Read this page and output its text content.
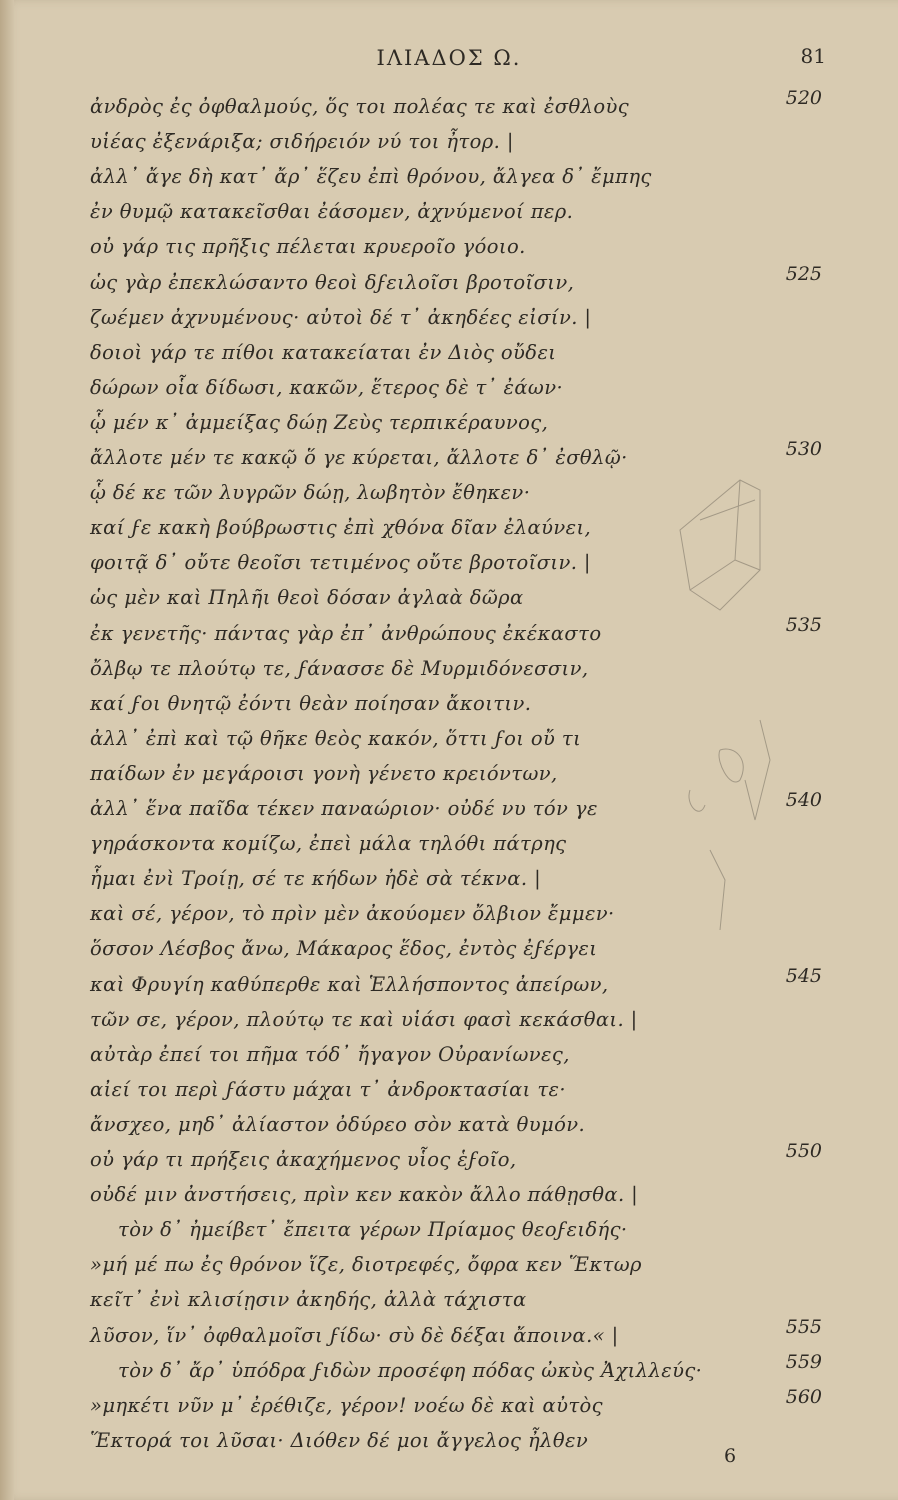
ΙΛΙΑΔΟΣ Ω.	81
ἀνδρὸς ἐς ὀφθαλμούς, ὅς τοι πολέας τε καὶ ἐσθλοὺς
υἱέας ἐξενάριξα; σιδήρειόν νύ τοι ἦτορ. |
ἀλλ᾽ ἄγε δὴ κατ᾽ ἄρ᾽ ἕζευ ἐπὶ θρόνου, ἄλγεα δ᾽ ἔμπης
ἐν θυμῷ κατακεῖσθαι ἐάσομεν, ἀχνύμενοί περ.
οὐ γάρ τις πρῆξις πέλεται κρυεροῖο γόοιο.
ὡς γὰρ ἐπεκλώσαντο θεοὶ δϝειλοῖσι βροτοῖσιν,
ζωέμεν ἀχνυμένους· αὐτοὶ δέ τ᾽ ἀκηδέες εἰσίν. |
δοιοὶ γάρ τε πίθοι κατακείαται ἐν Διὸς οὔδει
δώρων οἷα δίδωσι, κακῶν, ἕτερος δὲ τ᾽ ἐάων·
ᾧ μέν κ᾽ ἀμμείξας δώῃ Ζεὺς τερπικέραυνος,
ἄλλοτε μέν τε κακῷ ὅ γε κύρεται, ἄλλοτε δ᾽ ἐσθλῷ·
ᾧ δέ κε τῶν λυγρῶν δώῃ, λωβητὸν ἔθηκεν·
καί ϝε κακὴ βούβρωστις ἐπὶ χθόνα δῖαν ἐλαύνει,
φοιτᾷ δ᾽ οὔτε θεοῖσι τετιμένος οὔτε βροτοῖσιν. |
ὡς μὲν καὶ Πηλῆι θεοὶ δόσαν ἀγλαὰ δῶρα
ἐκ γενετῆς· πάντας γὰρ ἐπ᾽ ἀνθρώπους ἐκέκαστο
ὄλβῳ τε πλούτῳ τε, ϝάνασσε δὲ Μυρμιδόνεσσιν,
καί ϝοι θνητῷ ἐόντι θεὰν ποίησαν ἄκοιτιν.
ἀλλ᾽ ἐπὶ καὶ τῷ θῆκε θεὸς κακόν, ὅττι ϝοι οὔ τι
παίδων ἐν μεγάροισι γονὴ γένετο κρειόντων,
ἀλλ᾽ ἕνα παῖδα τέκεν παναώριον· οὐδέ νυ τόν γε
γηράσκοντα κομίζω, ἐπεὶ μάλα τηλόθι πάτρης
ἧμαι ἐνὶ Τροίῃ, σέ τε κήδων ἠδὲ σὰ τέκνα. |
καὶ σέ, γέρον, τὸ πρὶν μὲν ἀκούομεν ὄλβιον ἔμμεν·
ὅσσον Λέσβος ἄνω, Μάκαρος ἕδος, ἐντὸς ἐϝέργει
καὶ Φρυγίη καθύπερθε καὶ Ἑλλήσποντος ἀπείρων,
τῶν σε, γέρον, πλούτῳ τε καὶ υἱάσι φασὶ κεκάσθαι. |
αὐτὰρ ἐπεί τοι πῆμα τόδ᾽ ἤγαγον Οὐρανίωνες,
αἰεί τοι περὶ ϝάστυ μάχαι τ᾽ ἀνδροκτασίαι τε·
ἄνσχεο, μηδ᾽ ἀλίαστον ὀδύρεο σὸν κατὰ θυμόν.
οὐ γάρ τι πρήξεις ἀκαχήμενος υἷος ἑϝοῖο,
οὐδέ μιν ἀνστήσεις, πρὶν κεν κακὸν ἄλλο πάθῃσθα. |
τὸν δ᾽ ἠμείβετ᾽ ἔπειτα γέρων Πρίαμος θεοϝειδής·
»μή μέ πω ἐς θρόνον ἵζε, διοτρεφές, ὄφρα κεν Ἕκτωρ
κεῖτ᾽ ἐνὶ κλισίῃσιν ἀκηδής, ἀλλὰ τάχιστα
λῦσον, ἵν᾽ ὀφθαλμοῖσι ϝίδω· σὺ δὲ δέξαι ἄποινα.« |
τὸν δ᾽ ἄρ᾽ ὑπόδρα ϝιδὼν προσέφη πόδας ὠκὺς Ἀχιλλεύς·
»μηκέτι νῦν μ᾽ ἐρέθιζε, γέρον! νοέω δὲ καὶ αὐτὸς
Ἕκτορά τοι λῦσαι· Διόθεν δέ μοι ἄγγελος ἦλθεν
520
525
530
535
540
545
550
555
559
560
6
